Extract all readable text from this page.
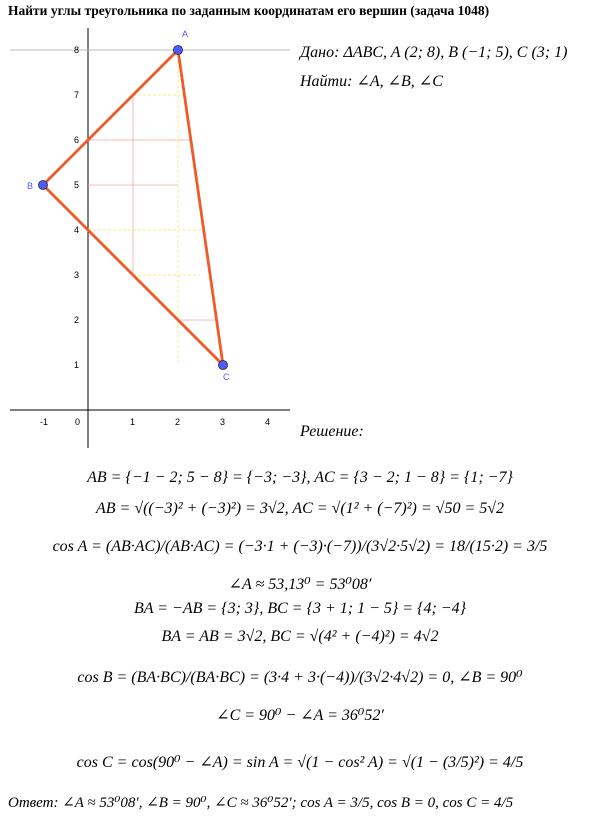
Найти углы треугольника по заданным координатам его вершин (задача 1048)
A
B
C
-1	0	1	2	3	4
1
2
3
4
5
6
7
8	Дано: ΔABC, A (2; 8), B (−1; 5), C (3; 1)
Найти: ∠A, ∠B, ∠C
Решение:
AB = {−1 − 2; 5 − 8} = {−3; −3}, AC = {3 − 2; 1 − 8} = {1; −7}
AB = √((−3)² + (−3)²) = 3√2, AC = √(1² + (−7)²) = √50 = 5√2
cos A = (AB·AC)/(AB·AC) = (−3·1 + (−3)·(−7))/(3√2·5√2) = 18/(15·2) = 3/5
∠A ≈ 53,13⁰ = 53⁰08′
BA = −AB = {3; 3}, BC = {3 + 1; 1 − 5} = {4; −4}
BA = AB = 3√2, BC = √(4² + (−4)²) = 4√2
cos B = (BA·BC)/(BA·BC) = (3·4 + 3·(−4))/(3√2·4√2) = 0, ∠B = 90⁰
∠C = 90⁰ − ∠A = 36⁰52′
cos C = cos(90⁰ − ∠A) = sin A = √(1 − cos² A) = √(1 − (3/5)²) = 4/5
Ответ: ∠A ≈ 53⁰08′, ∠B = 90⁰, ∠C ≈ 36⁰52′; cos A = 3/5, cos B = 0, cos C = 4/5
